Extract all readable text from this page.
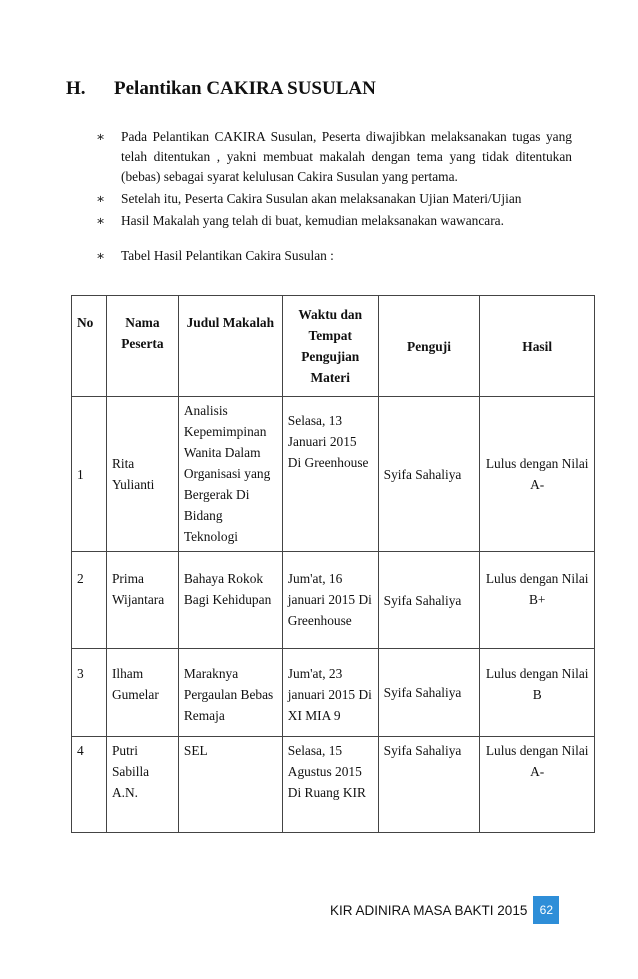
H. Pelantikan CAKIRA SUSULAN
∗	Pada Pelantikan CAKIRA Susulan, Peserta diwajibkan melaksanakan tugas yang telah ditentukan , yakni membuat makalah dengan tema yang tidak ditentukan (bebas) sebagai syarat kelulusan Cakira Susulan yang pertama.
∗	Setelah itu, Peserta Cakira Susulan akan melaksanakan Ujian Materi/Ujian
∗	Hasil Makalah yang telah di buat, kemudian melaksanakan wawancara.
∗	Tabel Hasil Pelantikan Cakira Susulan :
No	Nama Peserta	Judul Makalah	Waktu dan Tempat Pengujian Materi	Penguji	Hasil
1	Rita Yulianti	Analisis Kepemimpinan Wanita Dalam Organisasi yang Bergerak Di Bidang Teknologi	Selasa, 13 Januari 2015 Di Greenhouse	Syifa Sahaliya	Lulus dengan Nilai A-
2	Prima Wijantara	Bahaya Rokok Bagi Kehidupan	Jum'at, 16 januari 2015 Di Greenhouse	Syifa Sahaliya	Lulus dengan Nilai B+
3	Ilham Gumelar	Maraknya Pergaulan Bebas Remaja	Jum'at, 23 januari 2015 Di XI MIA 9	Syifa Sahaliya	Lulus dengan Nilai B
4	Putri Sabilla A.N.	SEL	Selasa, 15 Agustus 2015 Di Ruang KIR	Syifa Sahaliya	Lulus dengan Nilai A-
KIR ADINIRA MASA BAKTI 2015	62
